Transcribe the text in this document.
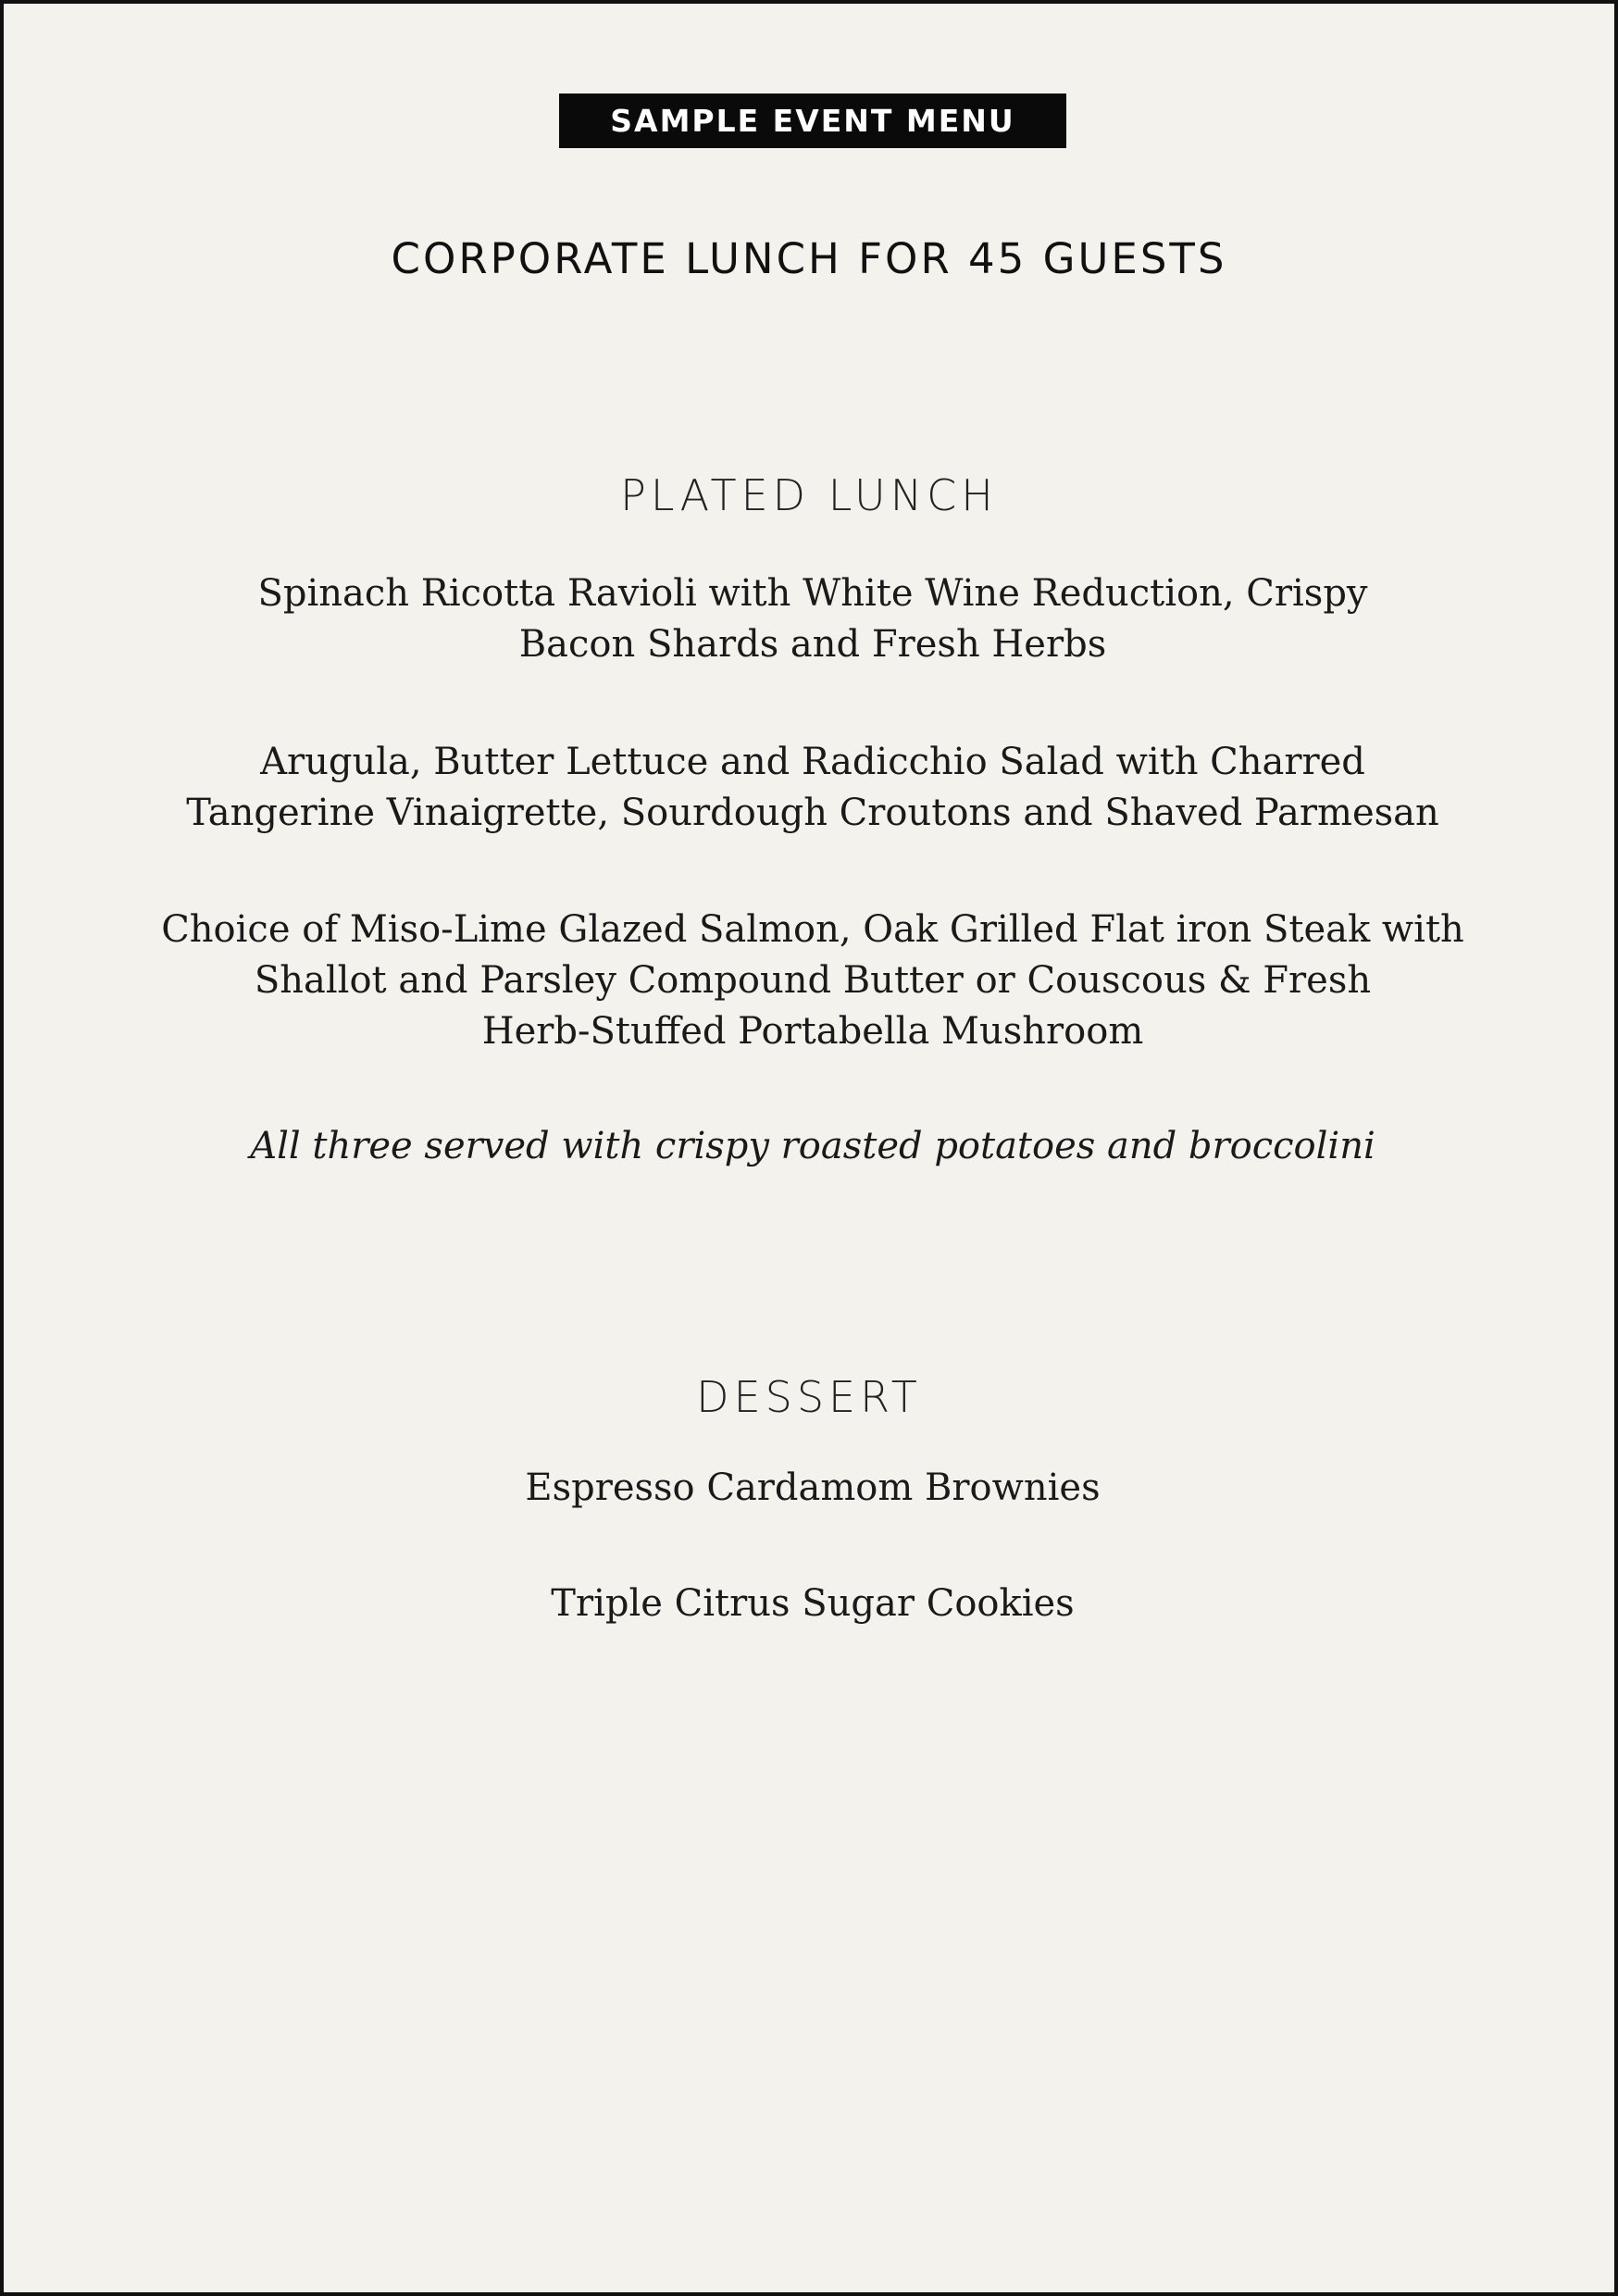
SAMPLE EVENT MENU
CORPORATE LUNCH FOR 45 GUESTS
PLATED LUNCH
Spinach Ricotta Ravioli with White Wine Reduction, Crispy
Bacon Shards and Fresh Herbs
Arugula, Butter Lettuce and Radicchio Salad with Charred
Tangerine Vinaigrette, Sourdough Croutons and Shaved Parmesan
Choice of Miso-Lime Glazed Salmon, Oak Grilled Flat iron Steak with
Shallot and Parsley Compound Butter or Couscous & Fresh
Herb-Stuffed Portabella Mushroom
All three served with crispy roasted potatoes and broccolini
DESSERT
Espresso Cardamom Brownies
Triple Citrus Sugar Cookies
